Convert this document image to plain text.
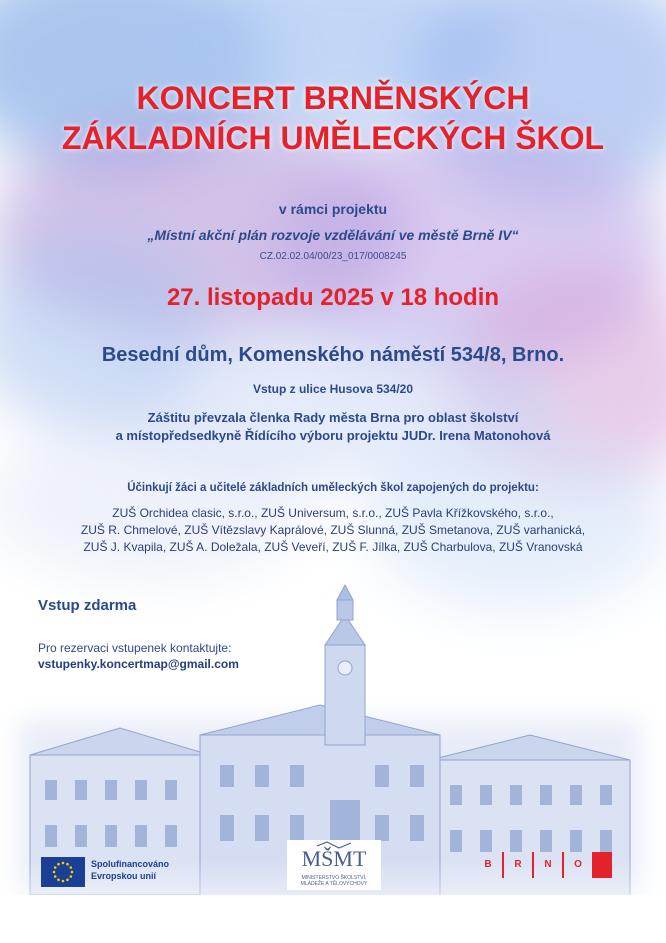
KONCERT BRNĚNSKÝCH
ZÁKLADNÍCH UMĚLECKÝCH ŠKOL
v rámci projektu
„Místní akční plán rozvoje vzdělávání ve městě Brně IV“
CZ.02.02.04/00/23_017/0008245
27. listopadu 2025 v 18 hodin
Besední dům, Komenského náměstí 534/8, Brno.
Vstup z ulice Husova 534/20
Záštitu převzala členka Rady města Brna pro oblast školství
a místopředsedkyně Řídícího výboru projektu JUDr. Irena Matonohová
Účinkují žáci a učitelé základních uměleckých škol zapojených do projektu:
ZUŠ Orchidea clasic, s.r.o., ZUŠ Universum, s.r.o., ZUŠ Pavla Křížkovského, s.r.o.,
ZUŠ R. Chmelové, ZUŠ Vítězslavy Kaprálové, ZUŠ Slunná, ZUŠ Smetanova, ZUŠ varhanická,
ZUŠ J. Kvapila, ZUŠ A. Doležala, ZUŠ Veveří, ZUŠ F. Jílka, ZUŠ Charbulova, ZUŠ Vranovská
Vstup zdarma
Pro rezervaci vstupenek kontaktujte:
vstupenky.koncertmap@gmail.com
Spolufinancováno
Evropskou unií
MŠMT
MINISTERSTVO ŠKOLSTVÍ,
MLÁDEŽE A TĚLOVÝCHOVY
B	R	N	O
